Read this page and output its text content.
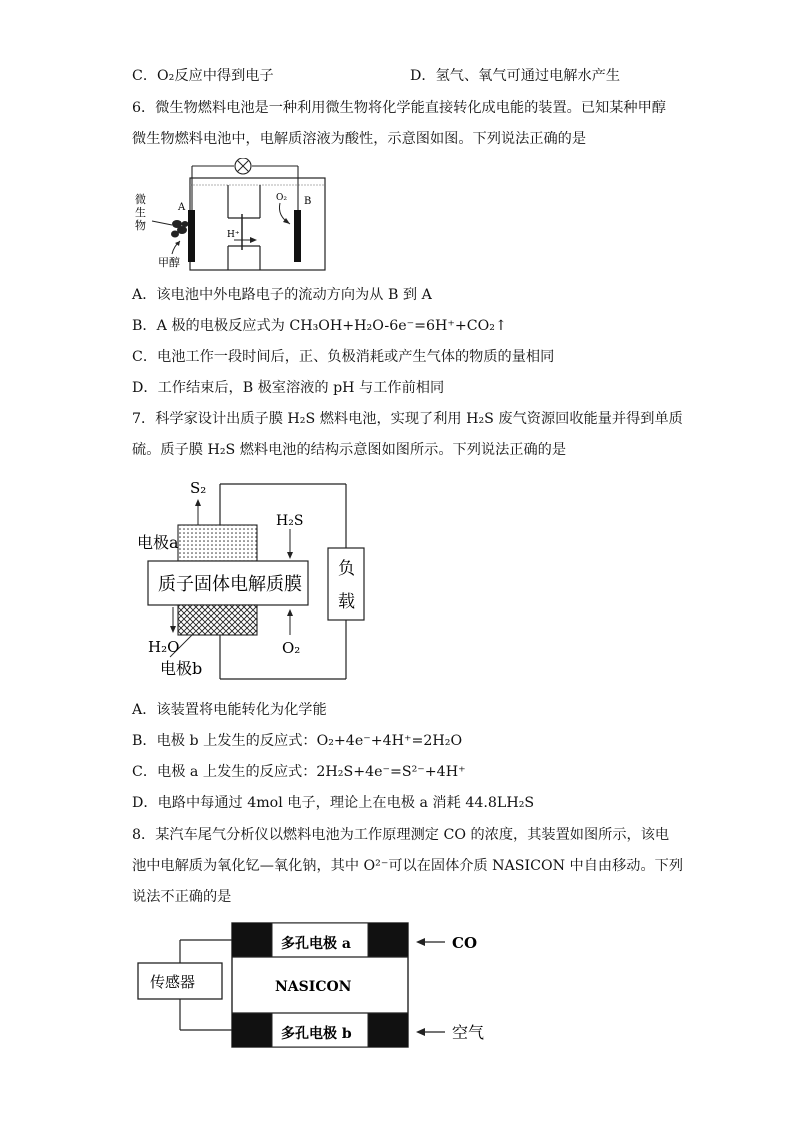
C．O₂反应中得到电子	D．氢气、氧气可通过电解水产生
6．微生物燃料电池是一种利用微生物将化学能直接转化成电能的装置。已知某种甲醇
微生物燃料电池中，电解质溶液为酸性，示意图如图。下列说法正确的是
微
生
物
甲醇
A
B
O₂
H⁺
A．该电池中外电路电子的流动方向为从 B 到 A
B．A 极的电极反应式为 CH₃OH+H₂O-6e⁻=6H⁺+CO₂↑
C．电池工作一段时间后，正、负极消耗或产生气体的物质的量相同
D．工作结束后，B 极室溶液的 pH 与工作前相同
7．科学家设计出质子膜 H₂S 燃料电池，实现了利用 H₂S 废气资源回收能量并得到单质
硫。质子膜 H₂S 燃料电池的结构示意图如图所示。下列说法正确的是
S₂
H₂S
电极a
质子固体电解质膜
负
载
H₂O	O₂
电极b
A．该装置将电能转化为化学能
B．电极 b 上发生的反应式：O₂+4e⁻+4H⁺=2H₂O
C．电极 a 上发生的反应式：2H₂S+4e⁻=S²⁻+4H⁺
D．电路中每通过 4mol 电子，理论上在电极 a 消耗 44.8LH₂S
8．某汽车尾气分析仪以燃料电池为工作原理测定 CO 的浓度，其装置如图所示，该电
池中电解质为氧化钇—氧化钠，其中 O²⁻可以在固体介质 NASICON 中自由移动。下列
说法不正确的是
传感器
多孔电极 a
NASICON
多孔电极 b
CO
空气
